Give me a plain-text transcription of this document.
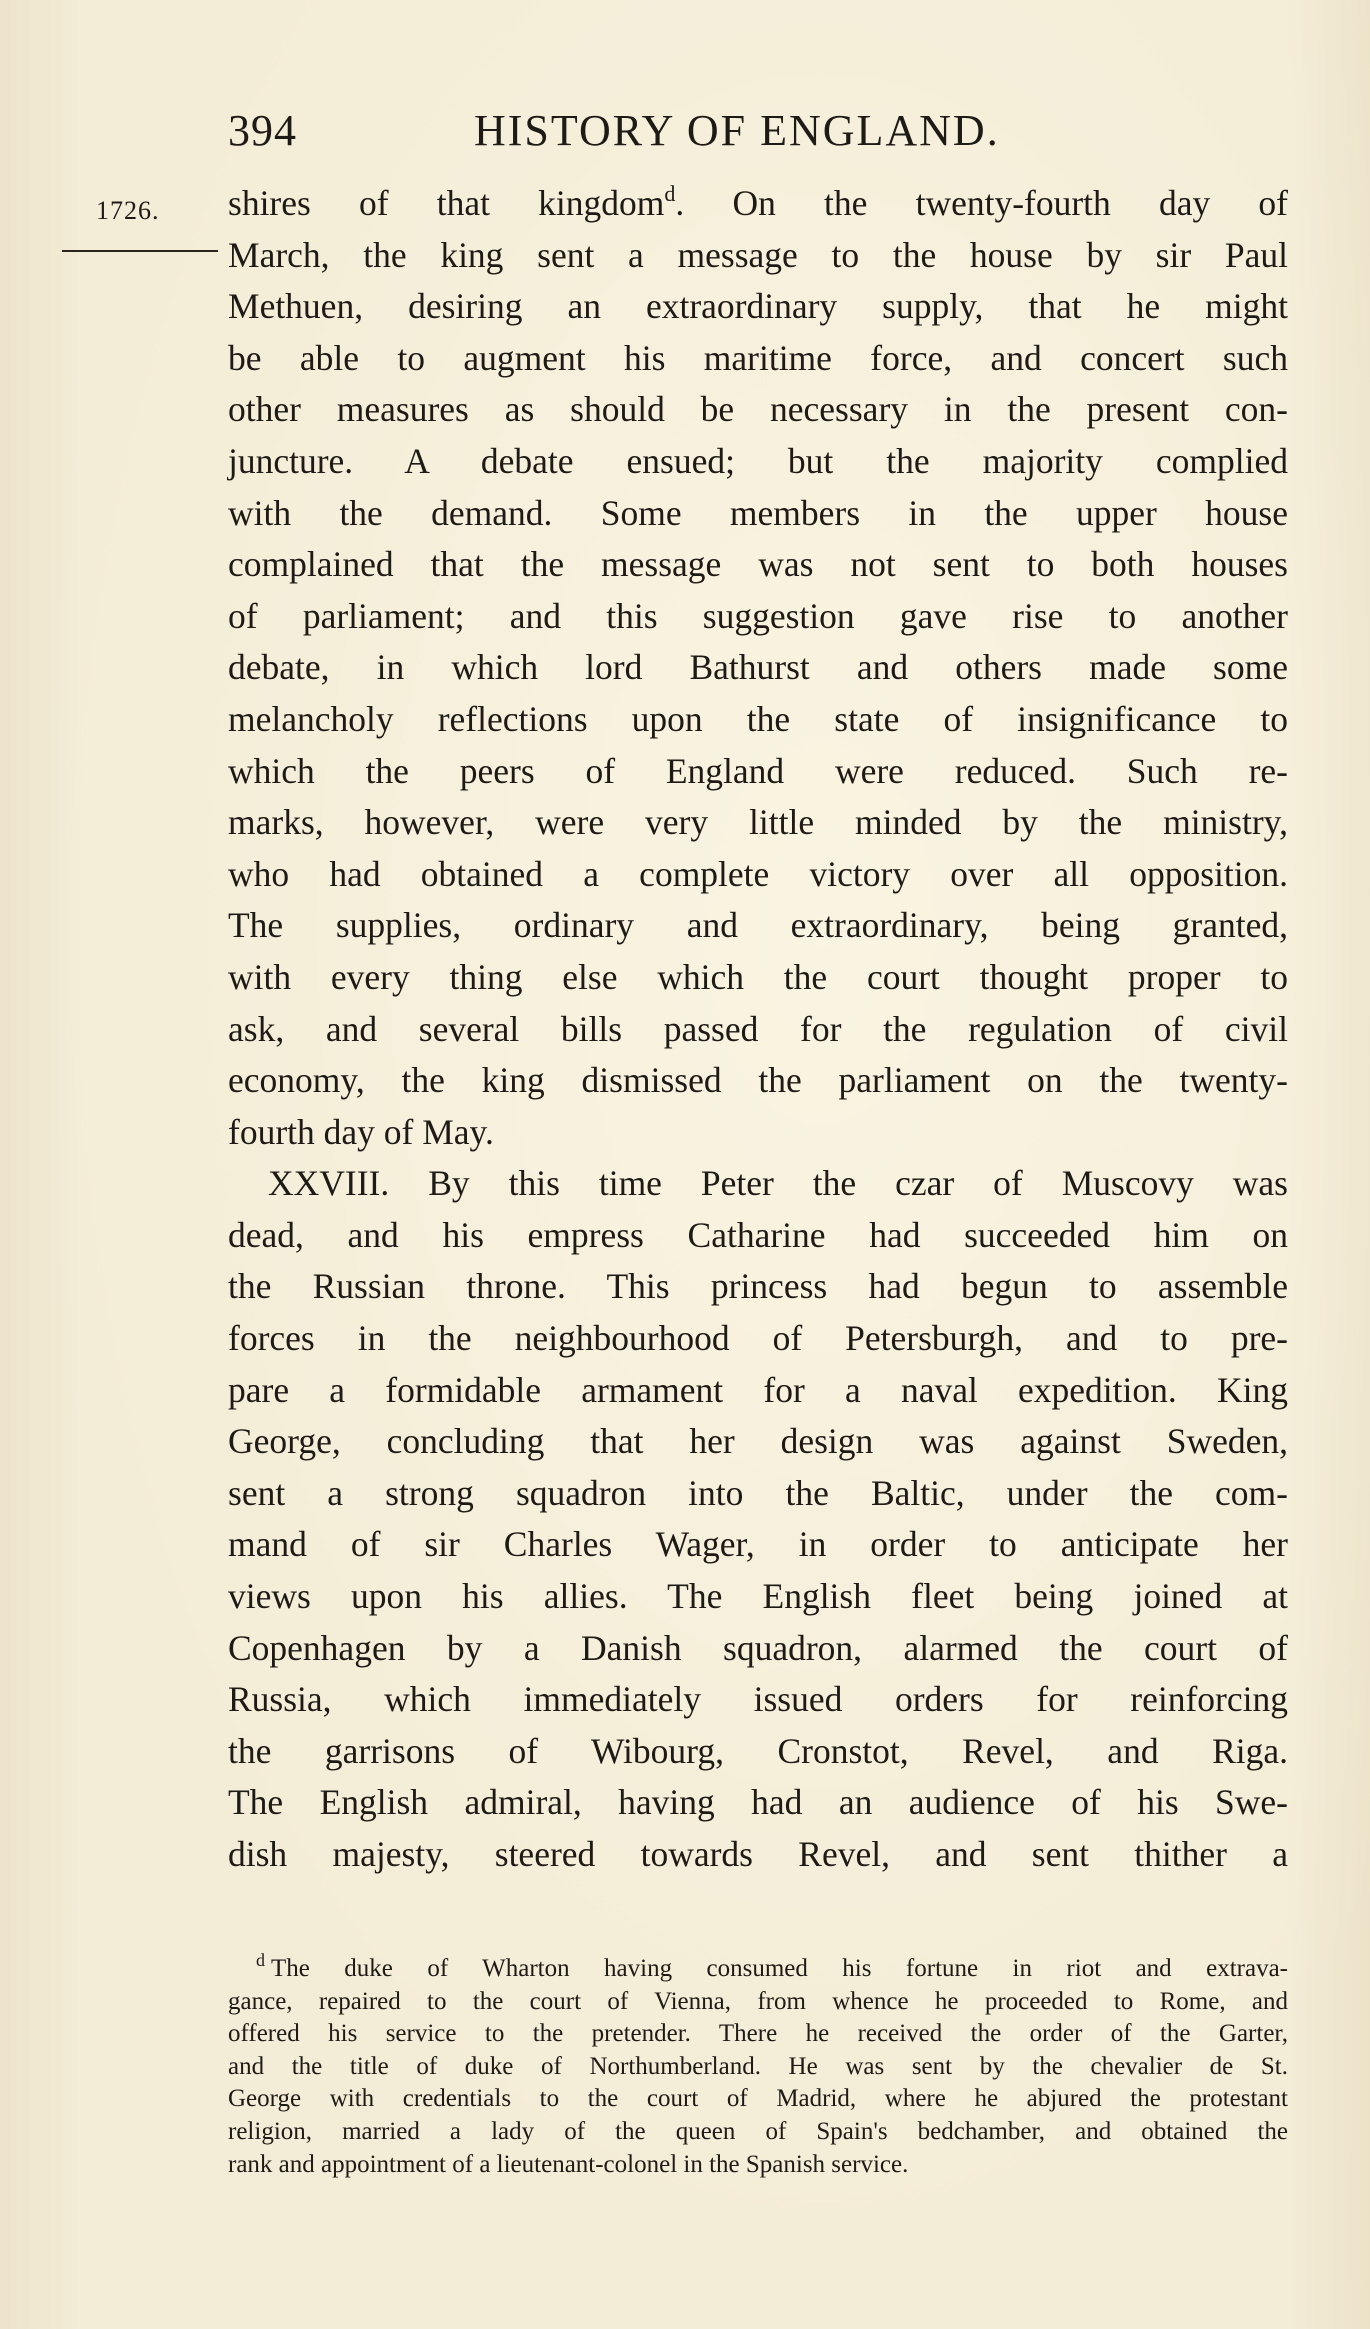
394	HISTORY OF ENGLAND.
1726. shires of that kingdom$^d$. On the twenty-fourth day of
March, the king sent a message to the house by sir Paul
Methuen, desiring an extraordinary supply, that he might
be able to augment his maritime force, and concert such
other measures as should be necessary in the present con-
juncture. A debate ensued; but the majority complied
with the demand. Some members in the upper house
complained that the message was not sent to both houses
of parliament; and this suggestion gave rise to another
debate, in which lord Bathurst and others made some
melancholy reflections upon the state of insignificance to
which the peers of England were reduced. Such re-
marks, however, were very little minded by the ministry,
who had obtained a complete victory over all opposition.
The supplies, ordinary and extraordinary, being granted,
with every thing else which the court thought proper to
ask, and several bills passed for the regulation of civil
economy, the king dismissed the parliament on the twenty-
fourth day of May.
XXVIII. By this time Peter the czar of Muscovy was
dead, and his empress Catharine had succeeded him on
the Russian throne. This princess had begun to assemble
forces in the neighbourhood of Petersburgh, and to pre-
pare a formidable armament for a naval expedition. King
George, concluding that her design was against Sweden,
sent a strong squadron into the Baltic, under the com-
mand of sir Charles Wager, in order to anticipate her
views upon his allies. The English fleet being joined at
Copenhagen by a Danish squadron, alarmed the court of
Russia, which immediately issued orders for reinforcing
the garrisons of Wibourg, Cronstot, Revel, and Riga.
The English admiral, having had an audience of his Swe-
dish majesty, steered towards Revel, and sent thither a
$^d$ The duke of Wharton having consumed his fortune in riot and extrava-
gance, repaired to the court of Vienna, from whence he proceeded to Rome, and
offered his service to the pretender. There he received the order of the Garter,
and the title of duke of Northumberland. He was sent by the chevalier de St.
George with credentials to the court of Madrid, where he abjured the protestant
religion, married a lady of the queen of Spain's bedchamber, and obtained the
rank and appointment of a lieutenant-colonel in the Spanish service.
